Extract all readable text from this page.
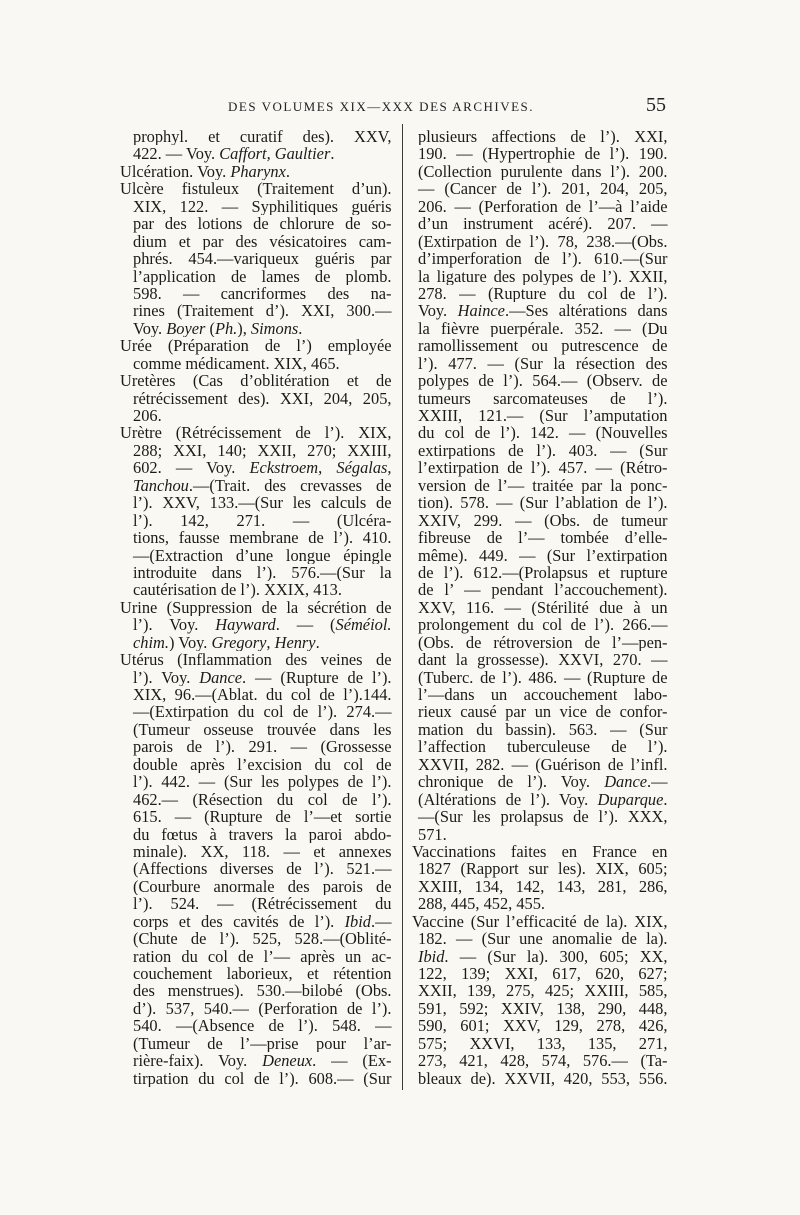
DES VOLUMES XIX—XXX DES ARCHIVES.	55
prophyl. et curatif des). XXV,
422. — Voy. Caffort, Gaultier.
Ulcération. Voy. Pharynx.
Ulcère fistuleux (Traitement d’un).
XIX, 122. — Syphilitiques guéris
par des lotions de chlorure de so-
dium et par des vésicatoires cam-
phrés. 454.—variqueux guéris par
l’application de lames de plomb.
598. — cancriformes des na-
rines (Traitement d’). XXI, 300.—
Voy. Boyer (Ph.), Simons.
Urée (Préparation de l’) employée
comme médicament. XIX, 465.
Uretères (Cas d’oblitération et de
rétrécissement des). XXI, 204, 205,
206.
Urètre (Rétrécissement de l’). XIX,
288; XXI, 140; XXII, 270; XXIII,
602. — Voy. Eckstroem, Ségalas,
Tanchou.—(Trait. des crevasses de
l’). XXV, 133.—(Sur les calculs de
l’). 142, 271. — (Ulcéra-
tions, fausse membrane de l’). 410.
—(Extraction d’une longue épingle
introduite dans l’). 576.—(Sur la
cautérisation de l’). XXIX, 413.
Urine (Suppression de la sécrétion de
l’). Voy. Hayward. — (Séméiol.
chim.) Voy. Gregory, Henry.
Utérus (Inflammation des veines de
l’). Voy. Dance. — (Rupture de l’).
XIX, 96.—(Ablat. du col de l’).144.
—(Extirpation du col de l’). 274.—
(Tumeur osseuse trouvée dans les
parois de l’). 291. — (Grossesse
double après l’excision du col de
l’). 442. — (Sur les polypes de l’).
462.— (Résection du col de l’).
615. — (Rupture de l’—et sortie
du fœtus à travers la paroi abdo-
minale). XX, 118. — et annexes
(Affections diverses de l’). 521.—
(Courbure anormale des parois de
l’). 524. — (Rétrécissement du
corps et des cavités de l’). Ibid.—
(Chute de l’). 525, 528.—(Oblité-
ration du col de l’— après un ac-
couchement laborieux, et rétention
des menstrues). 530.—bilobé (Obs.
d’). 537, 540.— (Perforation de l’).
540. —(Absence de l’). 548. —
(Tumeur de l’—prise pour l’ar-
rière-faix). Voy. Deneux. — (Ex-
tirpation du col de l’). 608.— (Sur
plusieurs affections de l’). XXI,
190. — (Hypertrophie de l’). 190.
(Collection purulente dans l’). 200.
— (Cancer de l’). 201, 204, 205,
206. — (Perforation de l’—à l’aide
d’un instrument acéré). 207. —
(Extirpation de l’). 78, 238.—(Obs.
d’imperforation de l’). 610.—(Sur
la ligature des polypes de l’). XXII,
278. — (Rupture du col de l’).
Voy. Haince.—Ses altérations dans
la fièvre puerpérale. 352. — (Du
ramollissement ou putrescence de
l’). 477. — (Sur la résection des
polypes de l’). 564.— (Observ. de
tumeurs sarcomateuses de l’).
XXIII, 121.— (Sur l’amputation
du col de l’). 142. — (Nouvelles
extirpations de l’). 403. — (Sur
l’extirpation de l’). 457. — (Rétro-
version de l’— traitée par la ponc-
tion). 578. — (Sur l’ablation de l’).
XXIV, 299. — (Obs. de tumeur
fibreuse de l’— tombée d’elle-
même). 449. — (Sur l’extirpation
de l’). 612.—(Prolapsus et rupture
de l’ — pendant l’accouchement).
XXV, 116. — (Stérilité due à un
prolongement du col de l’). 266.—
(Obs. de rétroversion de l’—pen-
dant la grossesse). XXVI, 270. —
(Tuberc. de l’). 486. — (Rupture de
l’—dans un accouchement labo-
rieux causé par un vice de confor-
mation du bassin). 563. — (Sur
l’affection tuberculeuse de l’).
XXVII, 282. — (Guérison de l’infl.
chronique de l’). Voy. Dance.—
(Altérations de l’). Voy. Duparque.
—(Sur les prolapsus de l’). XXX,
571.
Vaccinations faites en France en
1827 (Rapport sur les). XIX, 605;
XXIII, 134, 142, 143, 281, 286,
288, 445, 452, 455.
Vaccine (Sur l’efficacité de la). XIX,
182. — (Sur une anomalie de la).
Ibid. — (Sur la). 300, 605; XX,
122, 139; XXI, 617, 620, 627;
XXII, 139, 275, 425; XXIII, 585,
591, 592; XXIV, 138, 290, 448,
590, 601; XXV, 129, 278, 426,
575; XXVI, 133, 135, 271,
273, 421, 428, 574, 576.— (Ta-
bleaux de). XXVII, 420, 553, 556.
